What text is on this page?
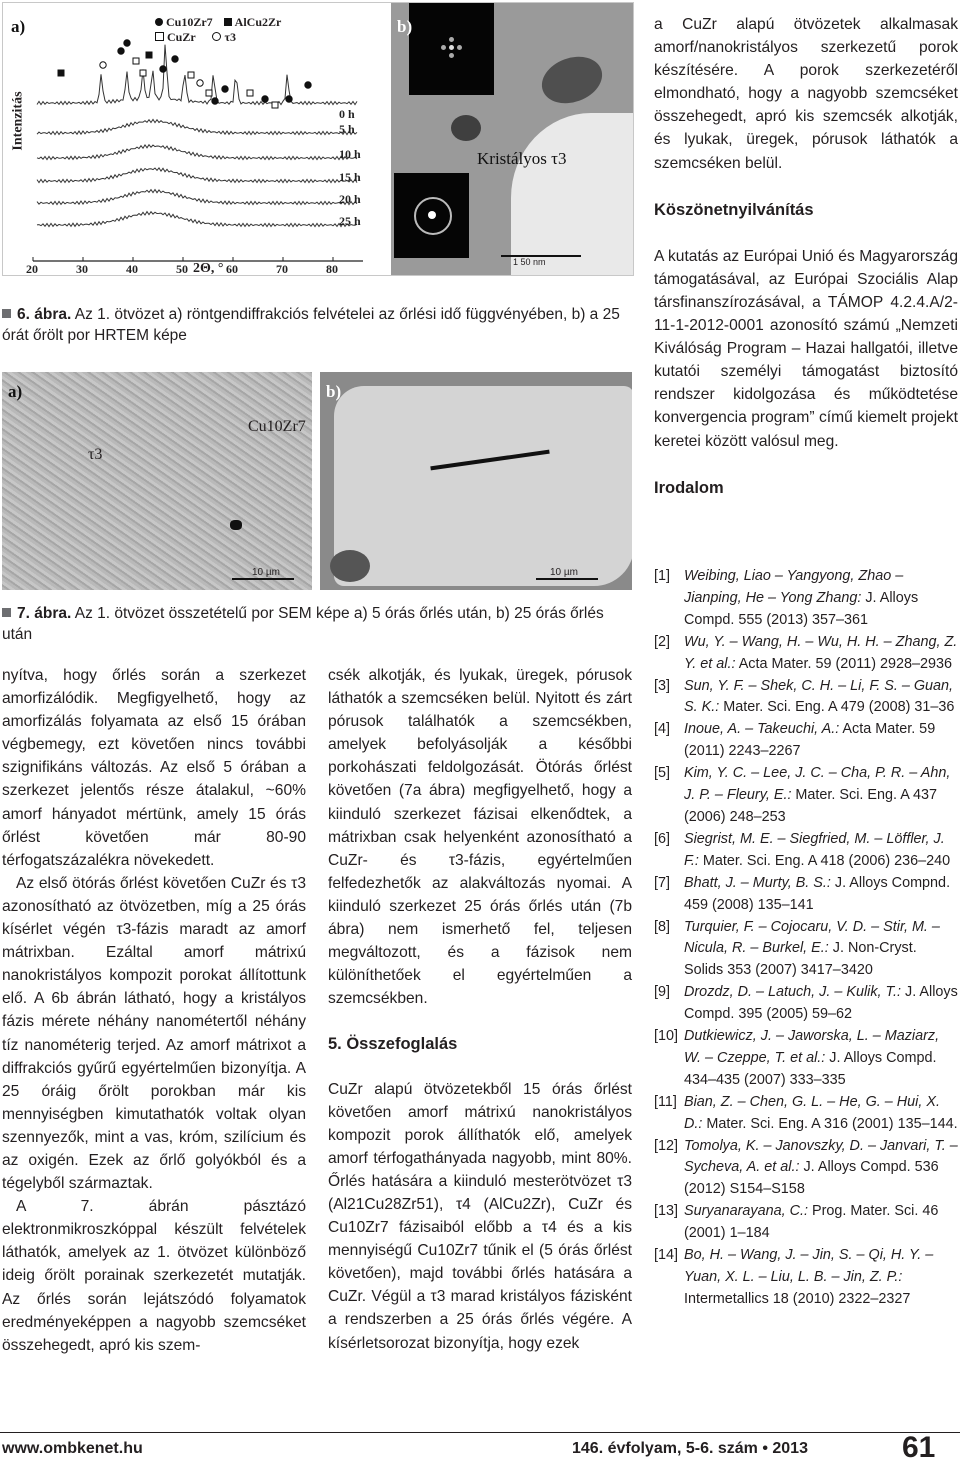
20	30	40	50	60	70	80
0 h
5 h
10 h
15 h
20 h
25 h
a)
Intenzitás
2Θ, °
Cu10Zr7 AlCu2Zr
CuZr τ3
b)
Kristályos τ3
1 50 nm
6. ábra. Az 1. ötvözet a) röntgendiffrakciós felvételei az őrlési idő függvényében, b) a 25 órát őrölt por HRTEM képe
a)
Cu10Zr7
τ3
10 µm
b)
10 µm
7. ábra. Az 1. ötvözet összetételű por SEM képe a) 5 órás őrlés után, b) 25 órás őrlés után

nyítva, hogy őrlés során a szerkezet amorfizálódik. Megfigyelhető, hogy az amorfizálás folyamata az első 15 órában végbemegy, ezt követően nincs további szignifikáns változás. Az első 5 órában a szerkezet jelentős része átalakul, ~60% amorf hányadot mértünk, amely 15 órás őrlést követően már 80-90 térfogatszázalékra növekedett.

Az első ötórás őrlést követően CuZr és τ3 azonosítható az ötvözetben, míg a 25 órás kísérlet végén τ3-fázis maradt az amorf mátrixban. Ezáltal amorf mátrixú nanokristályos kompozit porokat állítottunk elő. A 6b ábrán látható, hogy a kristályos fázis mérete néhány nanométertől néhány tíz nanométerig terjed. Az amorf mátrixot a diffrakciós gyűrű egyértelműen bizonyítja. A 25 óráig őrölt porokban már kis mennyiségben kimutathatók voltak olyan szennyezők, mint a vas, króm, szilícium és az oxigén. Ezek az őrlő golyókból és a tégelyből származtak.

A 7. ábrán pásztázó elektronmikroszkóppal készült felvételek láthatók, amelyek az 1. ötvözet különböző ideig őrölt porainak szerkezetét mutatják. Az őrlés során lejátszódó folyamatok eredményeképpen a nagyobb szemcséket összehegedt, apró kis szem-

csék alkotják, és lyukak, üregek, pórusok láthatók a szemcséken belül. Nyitott és zárt pórusok találhatók a szemcsékben, amelyek befolyásolják a későbbi porkohászati feldolgozását. Ötórás őrlést követően (7a ábra) megfigyelhető, hogy a kiinduló szerkezet fázisai elkenődtek, a mátrixban csak helyenként azonosítható a CuZr- és τ3-fázis, egyértelműen felfedezhetők az alakváltozás nyomai. A kiinduló szerkezet 25 órás őrlés után (7b ábra) nem ismerhető fel, teljesen megváltozott, és a fázisok nem különíthetőek el egyértelműen a szemcsékben.

5. Összefoglalás

CuZr alapú ötvözetekből 15 órás őrlést követően amorf mátrixú nanokristályos kompozit porok állíthatók elő, amelyek amorf térfogathányada nagyobb, mint 80%. Őrlés hatására a kiinduló mesterötvözet τ3 (Al21Cu28Zr51), τ4 (AlCu2Zr), CuZr és Cu10Zr7 fázisaiból előbb a τ4 és a kis mennyiségű Cu10Zr7 tűnik el (5 órás őrlést követően), majd további őrlés hatására a CuZr. Végül a τ3 marad kristályos fázisként a rendszerben a 25 órás őrlés végére. A kísérletsorozat bizonyítja, hogy ezek

a CuZr alapú ötvözetek alkalmasak amorf/nanokristályos szerkezetű porok készítésére. A porok szerkezetéről elmondható, hogy a nagyobb szemcséket összehegedt, apró kis szemcsék alkotják, és lyukak, üregek, pórusok láthatók a szemcséken belül.

Köszönetnyilvánítás

A kutatás az Európai Unió és Magyarország támogatásával, az Európai Szociális Alap társfinanszírozásával, a TÁMOP 4.2.4.A/2-11-1-2012-0001 azonosító számú „Nemzeti Kiválóság Program – Hazai hallgatói, illetve kutatói személyi támogatást biztosító rendszer kidolgozása és működtetése konvergencia program” című kiemelt projekt keretei között valósul meg.

Irodalom

[1] Weibing, Liao – Yangyong, Zhao – Jianping, He – Yong Zhang: J. Alloys Compd. 555 (2013) 357–361

[2] Wu, Y. – Wang, H. – Wu, H. H. – Zhang, Z. Y. et al.: Acta Mater. 59 (2011) 2928–2936

[3] Sun, Y. F. – Shek, C. H. – Li, F. S. – Guan, S. K.: Mater. Sci. Eng. A 479 (2008) 31–36

[4] Inoue, A. – Takeuchi, A.: Acta Mater. 59 (2011) 2243–2267

[5] Kim, Y. C. – Lee, J. C. – Cha, P. R. – Ahn, J. P. – Fleury, E.: Mater. Sci. Eng. A 437 (2006) 248–253

[6] Siegrist, M. E. – Siegfried, M. – Löffler, J. F.: Mater. Sci. Eng. A 418 (2006) 236–240

[7] Bhatt, J. – Murty, B. S.: J. Alloys Compnd. 459 (2008) 135–141

[8] Turquier, F. – Cojocaru, V. D. – Stir, M. – Nicula, R. – Burkel, E.: J. Non-Cryst. Solids 353 (2007) 3417–3420

[9] Drozdz, D. – Latuch, J. – Kulik, T.: J. Alloys Compd. 395 (2005) 59–62

[10] Dutkiewicz, J. – Jaworska, L. – Maziarz, W. – Czeppe, T. et al.: J. Alloys Compd. 434–435 (2007) 333–335

[11] Bian, Z. – Chen, G. L. – He, G. – Hui, X. D.: Mater. Sci. Eng. A 316 (2001) 135–144.

[12] Tomolya, K. – Janovszky, D. – Janvari, T. – Sycheva, A. et al.: J. Alloys Compd. 536 (2012) S154–S158

[13] Suryanarayana, C.: Prog. Mater. Sci. 46 (2001) 1–184

[14] Bo, H. – Wang, J. – Jin, S. – Qi, H. Y. – Yuan, X. L. – Liu, L. B. – Jin, Z. P.: Intermetallics 18 (2010) 2322–2327

www.ombkenet.hu	146. évfolyam, 5-6. szám • 2013	61
